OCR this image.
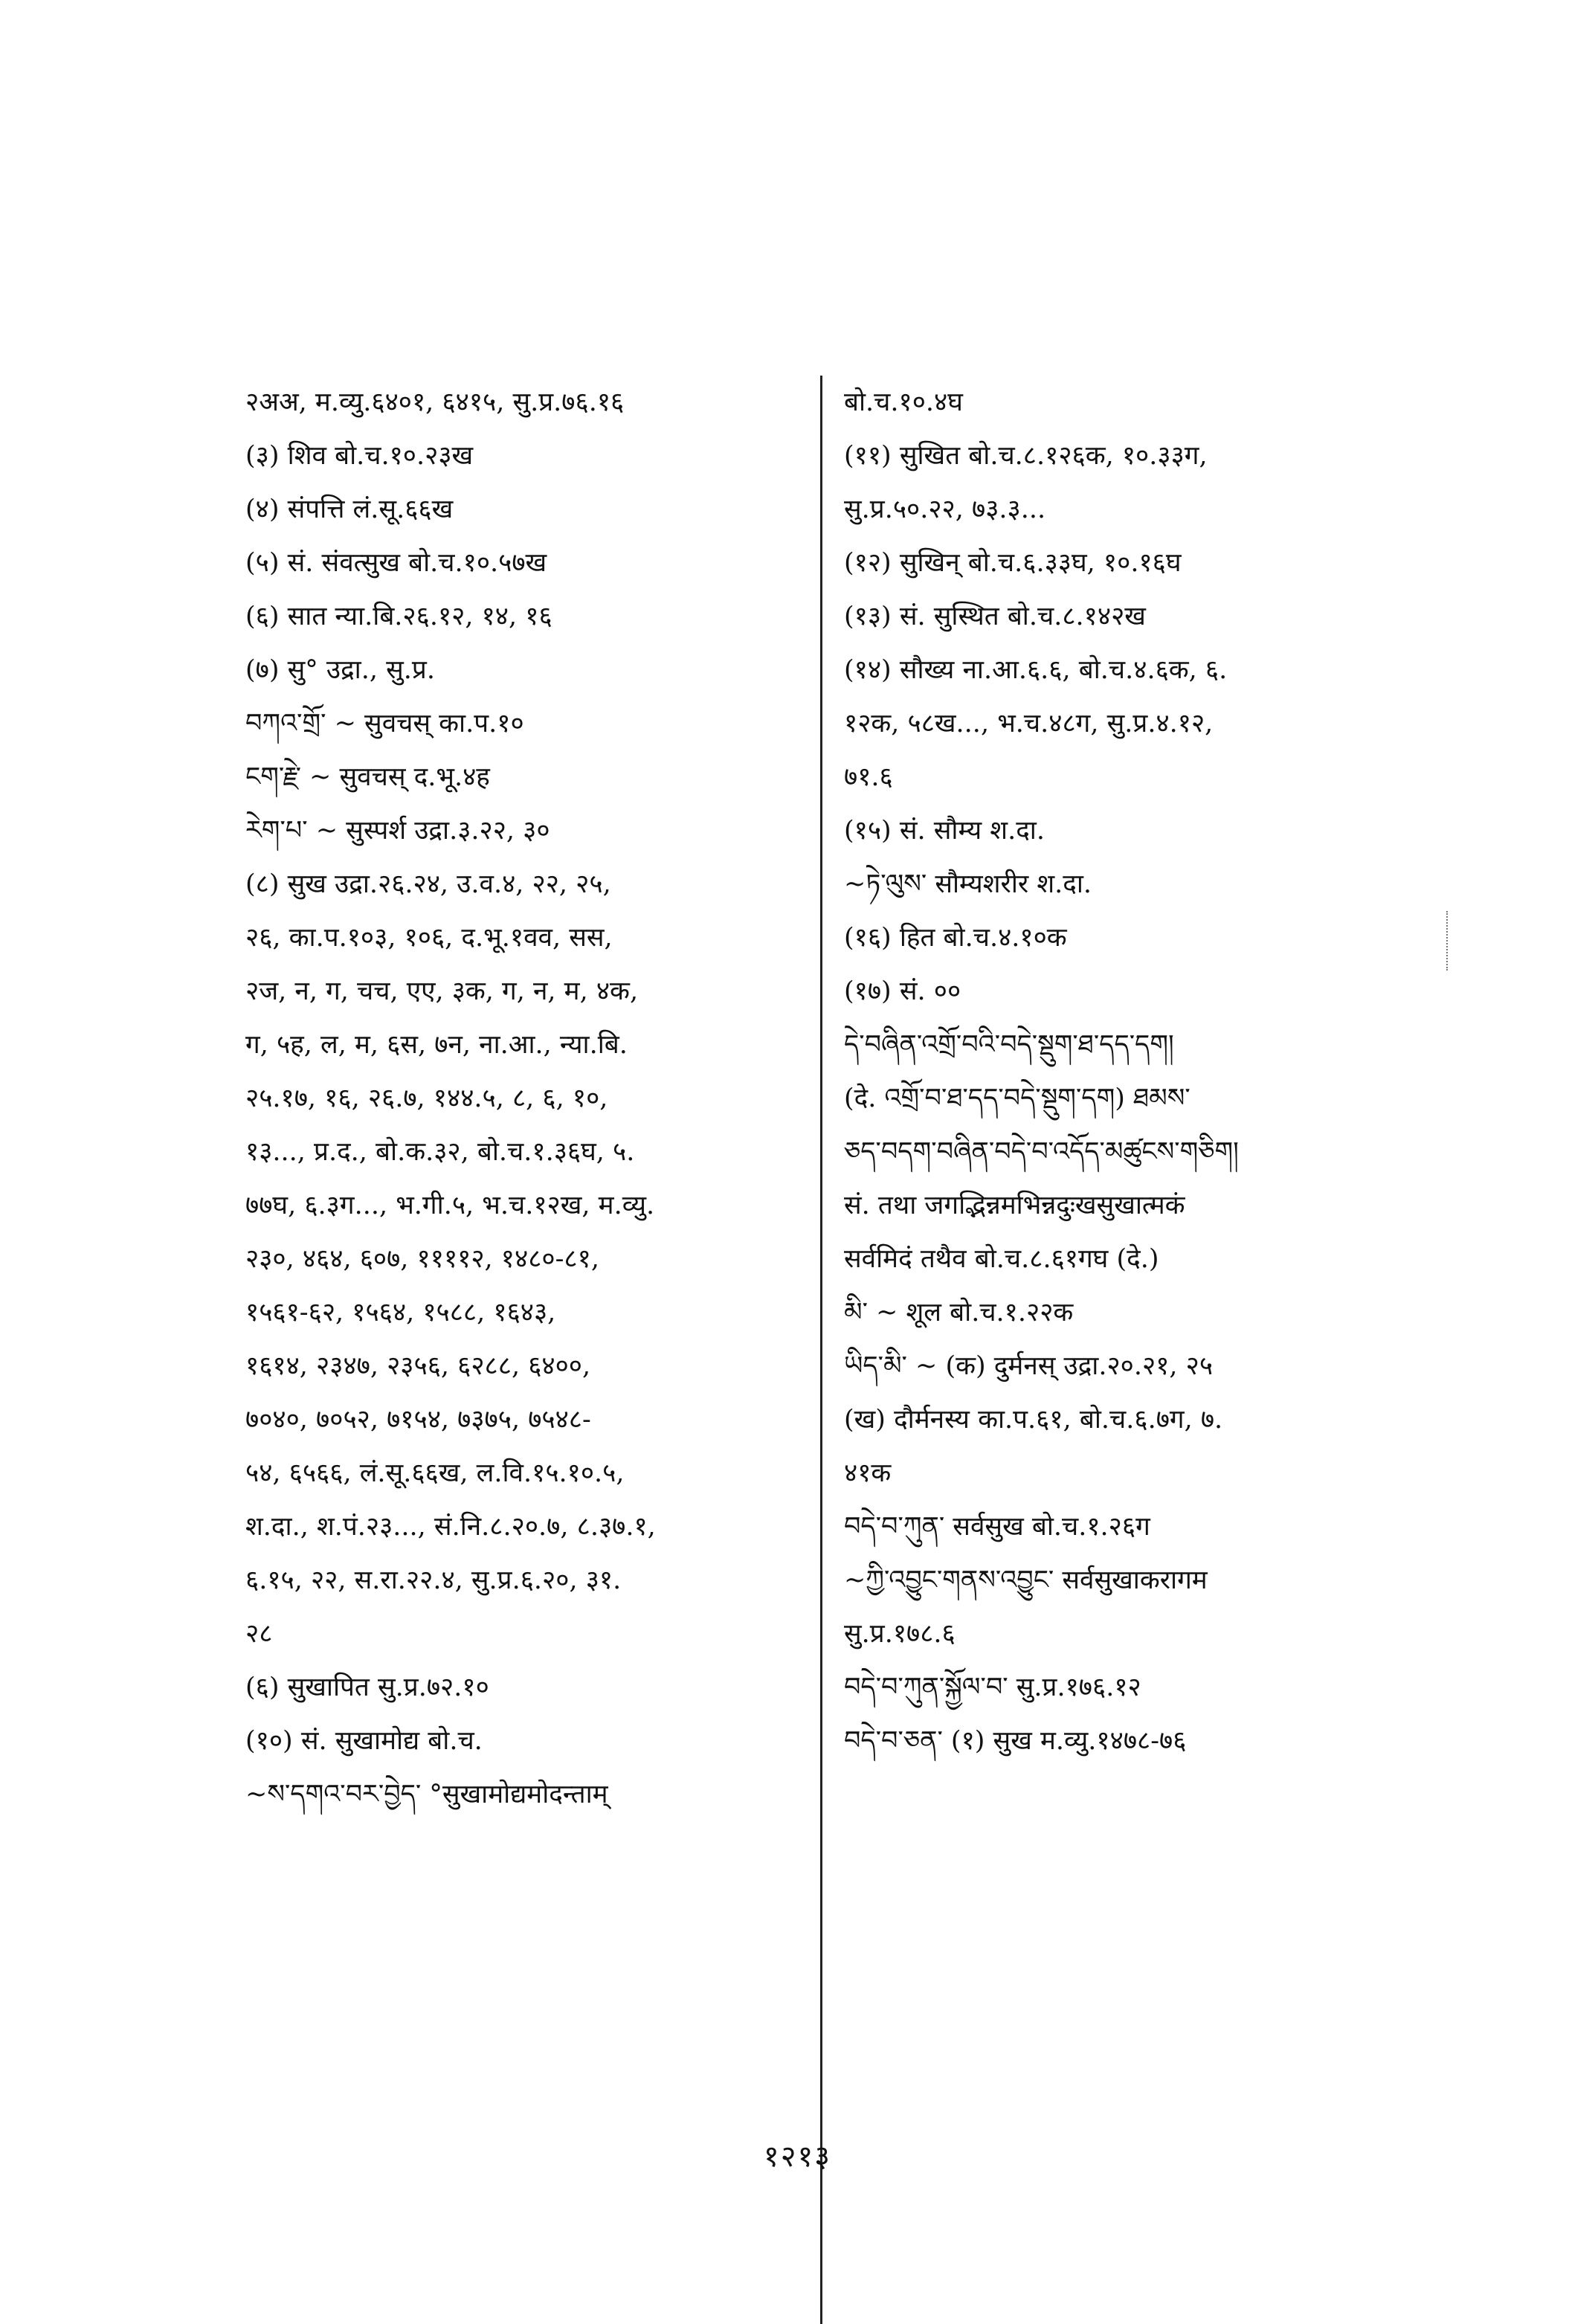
२अअ, म.व्यु.६४०१, ६४१५, सु.प्र.७६.१६
(३) शिव बो.च.१०.२३ख
(४) संपत्ति लं.सू.६६ख
(५) सं. संवत्सुख बो.च.१०.५७ख
(६) सात न्या.बि.२६.१२, १४, १६
(७) सु° उद्रा., सु.प्र.
བཀའ་གྲོ་ ~ सुवचस् का.प.१०
ངག་རྗེ་ ~ सुवचस् द.भू.४ह
རེག་པ་ ~ सुस्पर्श उद्रा.३.२२, ३०
(८) सुख उद्रा.२६.२४, उ.व.४, २२, २५,
२६, का.प.१०३, १०६, द.भू.१वव, सस,
२ज, न, ग, चच, एए, ३क, ग, न, म, ४क,
ग, ५ह, ल, म, ६स, ७न, ना.आ., न्या.बि.
२५.१७, १६, २६.७, १४४.५, ८, ६, १०,
१३..., प्र.द., बो.क.३२, बो.च.१.३६घ, ५.
७७घ, ६.३ग..., भ.गी.५, भ.च.१२ख, म.व्यु.
२३०, ४६४, ६०७, ११११२, १४८०-८१,
१५६१-६२, १५६४, १५८८, १६४३,
१६१४, २३४७, २३५६, ६२८८, ६४००,
७०४०, ७०५२, ७१५४, ७३७५, ७५४८-
५४, ६५६६, लं.सू.६६ख, ल.वि.१५.१०.५,
श.दा., श.पं.२३..., सं.नि.८.२०.७, ८.३७.१,
६.१५, २२, स.रा.२२.४, सु.प्र.६.२०, ३१.
२८
(६) सुखापित सु.प्र.७२.१०
(१०) सं. सुखामोद्य बो.च.
~ས་དགའ་བར་བྱེད་ °सुखामोद्यमोदन्ताम्
बो.च.१०.४घ
(११) सुखित बो.च.८.१२६क, १०.३३ग,
सु.प्र.५०.२२, ७३.३...
(१२) सुखिन् बो.च.६.३३घ, १०.१६घ
(१३) सं. सुस्थित बो.च.८.१४२ख
(१४) सौख्य ना.आ.६.६, बो.च.४.६क, ६.
१२क, ५८ख..., भ.च.४८ग, सु.प्र.४.१२,
७१.६
(१५) सं. सौम्य श.दा.
~ཏེ་ལུས་ सौम्यशरीर श.दा.
(१६) हित बो.च.४.१०क
(१७) सं. ००
དེ་བཞིན་འགྲོ་བའི་བདེ་སྡུག་ཐ་དད་དག།
(दे. འགྲོ་བ་ཐ་དད་བདེ་སྡུག་དག) ཐམས་
ཅད་བདག་བཞིན་བདེ་བ་འདོད་མཚུངས་གཅིག།
सं. तथा जगद्भिन्नमभिन्नदुःखसुखात्मकं
सर्वमिदं तथैव बो.च.८.६१गघ (दे.)
མི་ ~ शूल बो.च.१.२२क
ཡིད་མི་ ~ (क) दुर्मनस् उद्रा.२०.२१, २५
(ख) दौर्मनस्य का.प.६१, बो.च.६.७ग, ७.
४१क
བདེ་བ་ཀུན་ सर्वसुख बो.च.१.२६ग
~ཀྱི་འབྱུང་གནས་འབྱུང་ सर्वसुखाकरागम
सु.प्र.१७८.६
བདེ་བ་ཀུན་སྐྱོལ་བ་ सु.प्र.१७६.१२
བདེ་བ་ཅན་ (१) सुख म.व्यु.१४७८-७६
१२१३
